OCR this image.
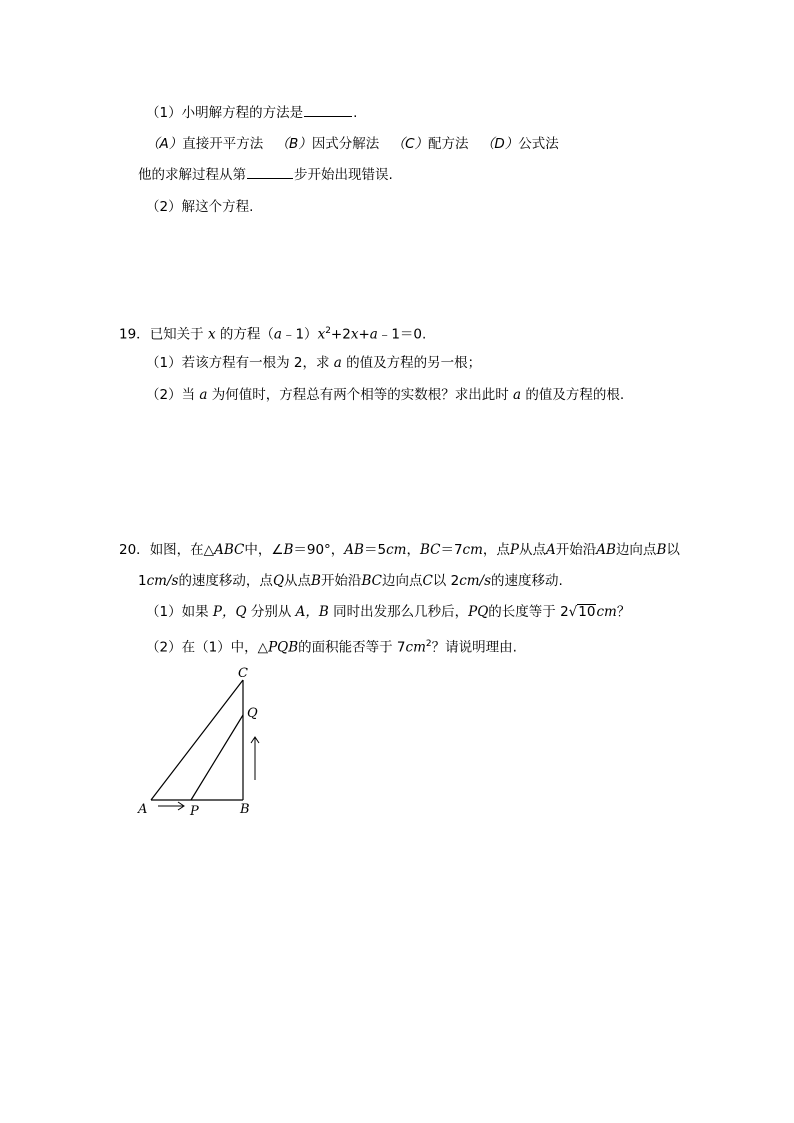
（1）小明解方程的方法是	.
（A）直接开平方法 （B）因式分解法 （C）配方法 （D）公式法
他的求解过程从第	步开始出现错误.
（2）解这个方程.
19．已知关于 x 的方程$(a﹣1)x^2+2x+a﹣1=0$.
（1）若该方程有一根为 2，求 a 的值及方程的另一根；
（2）当 a 为何值时，方程总有两个相等的实数根？求出此时 a 的值及方程的根.
20．如图，在△ABC中，∠B＝90°，AB＝5cm，BC＝7cm，点P从点A开始沿AB边向点B以
1cm/s的速度移动，点Q从点B开始沿BC边向点C以 2cm/s的速度移动.
（1）如果 P，Q 分别从 A，B 同时出发那么几秒后，PQ的长度等于 2√10cm？
（2）在（1）中，△PQB的面积能否等于 $7cm^2$？请说明理由.
A	P	B
C
Q
